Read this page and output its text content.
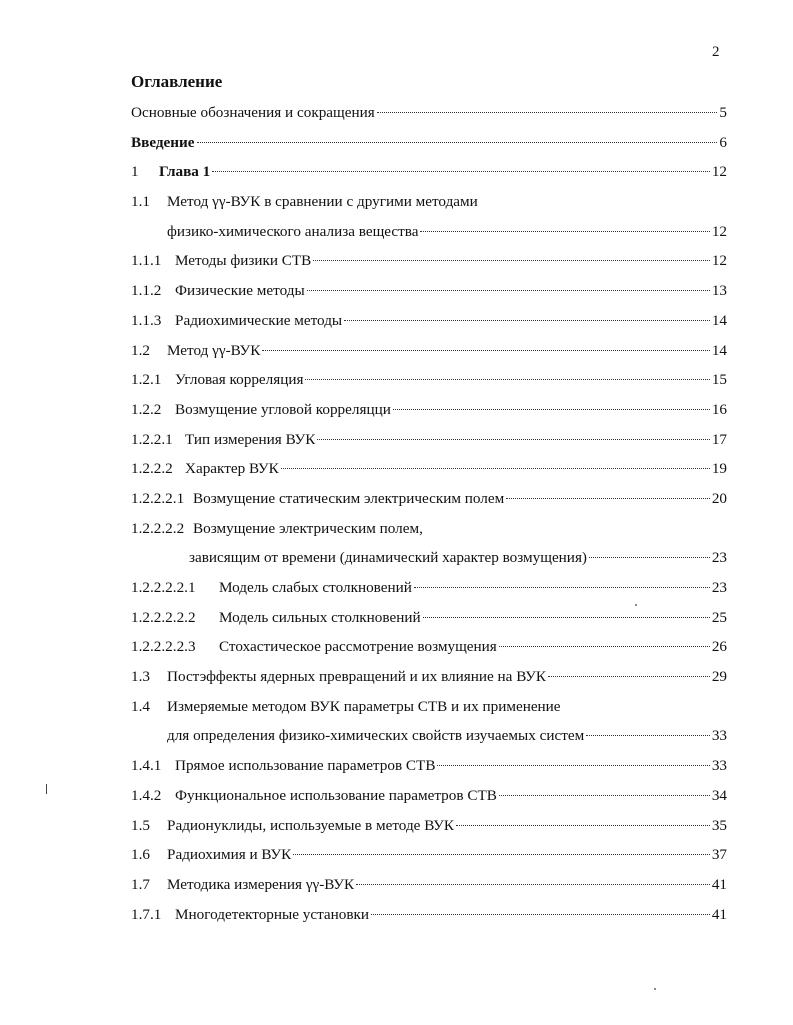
2
Оглавление
Основные обозначения и сокращения	5
Введение	6
1	Глава 1	12
1.1	Метод γγ-ВУК в сравнении с другими методами
физико-химического анализа вещества	12
1.1.1 Методы физики СТВ	12
1.1.2 Физические методы	13
1.1.3 Радиохимические методы	14
1.2	Метод γγ-ВУК	14
1.2.1 Угловая корреляция	15
1.2.2 Возмущение угловой корреляцци	16
1.2.2.1 Тип измерения ВУК	17
1.2.2.2 Характер ВУК	19
1.2.2.2.1 Возмущение статическим электрическим полем	20
1.2.2.2.2 Возмущение электрическим полем,
зависящим от времени (динамический характер возмущения)	23
1.2.2.2.2.1	Модель слабых столкновений	23
1.2.2.2.2.2	Модель сильных столкновений	25
1.2.2.2.2.3	Стохастическое рассмотрение возмущения	26
1.3	Постэффекты ядерных превращений и их влияние на ВУК	29
1.4	Измеряемые методом ВУК параметры СТВ и их применение
для определения физико-химических свойств изучаемых систем	33
1.4.1 Прямое использование параметров СТВ	33
1.4.2 Функциональное использование параметров СТВ	34
1.5	Радионуклиды, используемые в методе ВУК	35
1.6	Радиохимия и ВУК	37
1.7	Методика измерения γγ-ВУК	41
1.7.1 Многодетекторные установки	41
